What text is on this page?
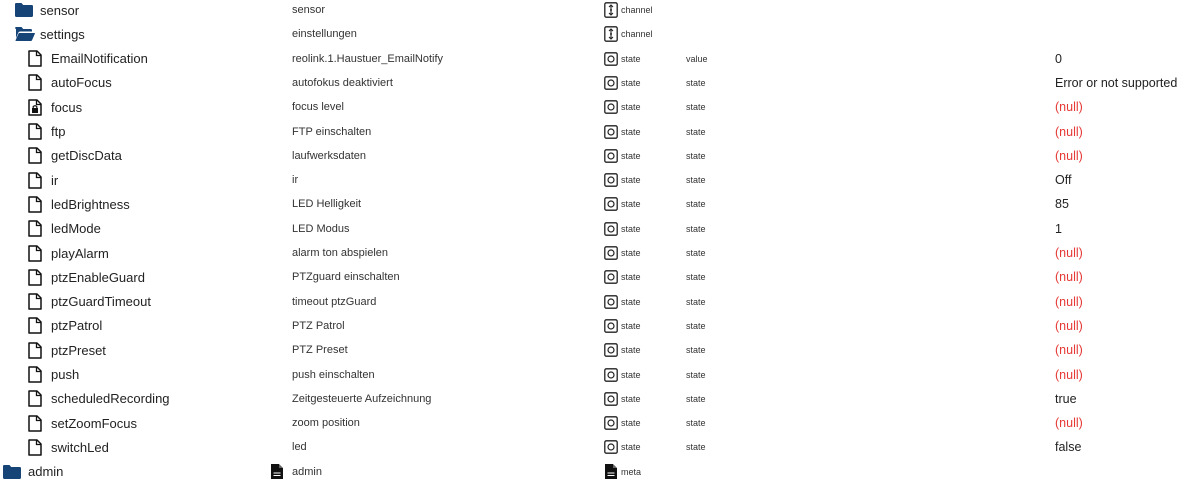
sensor	sensor	channel
settings	einstellungen	channel
EmailNotification	reolink.1.Haustuer_EmailNotify	state	value	0
autoFocus	autofokus deaktiviert	state	state	Error or not supported
focus	focus level	state	state	(null)
ftp	FTP einschalten	state	state	(null)
getDiscData	laufwerksdaten	state	state	(null)
ir	ir	state	state	Off
ledBrightness	LED Helligkeit	state	state	85
ledMode	LED Modus	state	state	1
playAlarm	alarm ton abspielen	state	state	(null)
ptzEnableGuard	PTZguard einschalten	state	state	(null)
ptzGuardTimeout	timeout ptzGuard	state	state	(null)
ptzPatrol	PTZ Patrol	state	state	(null)
ptzPreset	PTZ Preset	state	state	(null)
push	push einschalten	state	state	(null)
scheduledRecording	Zeitgesteuerte Aufzeichnung	state	state	true
setZoomFocus	zoom position	state	state	(null)
switchLed	led	state	state	false
admin	admin	meta
